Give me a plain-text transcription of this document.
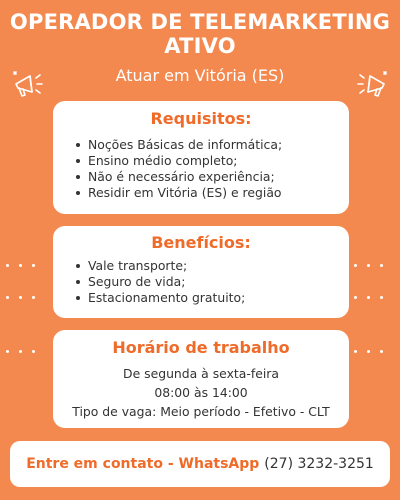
OPERADOR DE TELEMARKETING
ATIVO
Atuar em Vitória (ES)
Requisitos:
Noções Básicas de informática;
Ensino médio completo;
Não é necessário experiência;
Residir em Vitória (ES) e região
Benefícios:
Vale transporte;
Seguro de vida;
Estacionamento gratuito;
Horário de trabalho
De segunda à sexta-feira
08:00 às 14:00
Tipo de vaga: Meio período - Efetivo - CLT
Entre em contato - WhatsApp (27) 3232-3251
